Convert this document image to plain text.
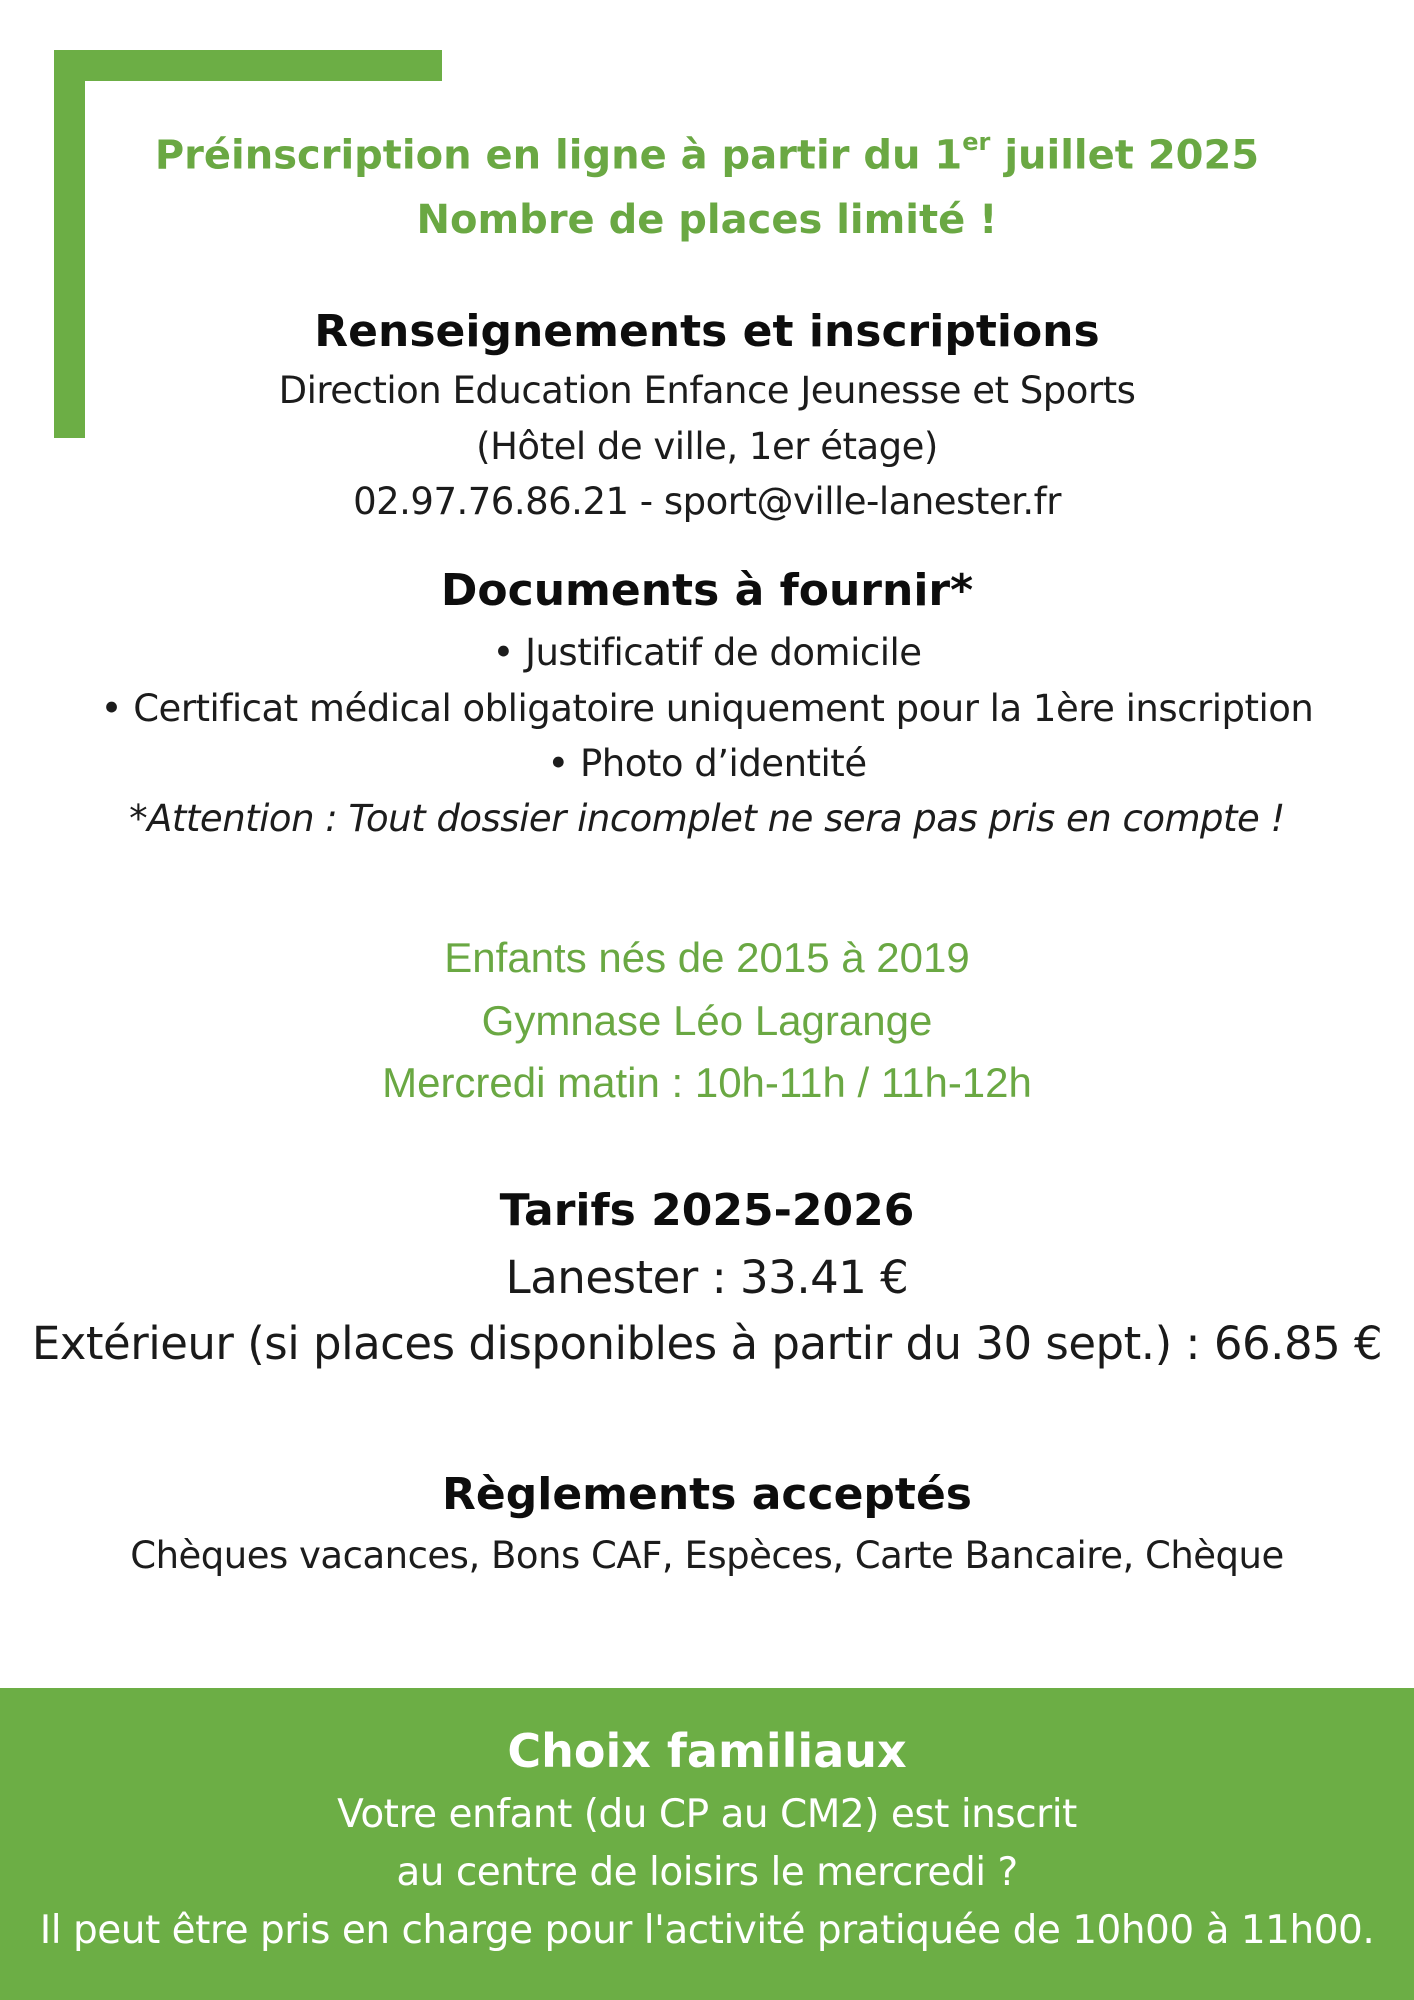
Préinscription en ligne à partir du 1er juillet 2025
Nombre de places limité !
Renseignements et inscriptions
Direction Education Enfance Jeunesse et Sports
(Hôtel de ville, 1er étage)
02.97.76.86.21 - sport@ville-lanester.fr
Documents à fournir*
• Justificatif de domicile
• Certificat médical obligatoire uniquement pour la 1ère inscription
• Photo d’identité
*Attention : Tout dossier incomplet ne sera pas pris en compte !
Enfants nés de 2015 à 2019
Gymnase Léo Lagrange
Mercredi matin : 10h-11h / 11h-12h
Tarifs 2025-2026
Lanester : 33.41 €
Extérieur (si places disponibles à partir du 30 sept.) : 66.85 €
Règlements acceptés
Chèques vacances, Bons CAF, Espèces, Carte Bancaire, Chèque
Choix familiaux
Votre enfant (du CP au CM2) est inscrit
au centre de loisirs le mercredi ?
Il peut être pris en charge pour l'activité pratiquée de 10h00 à 11h00.
